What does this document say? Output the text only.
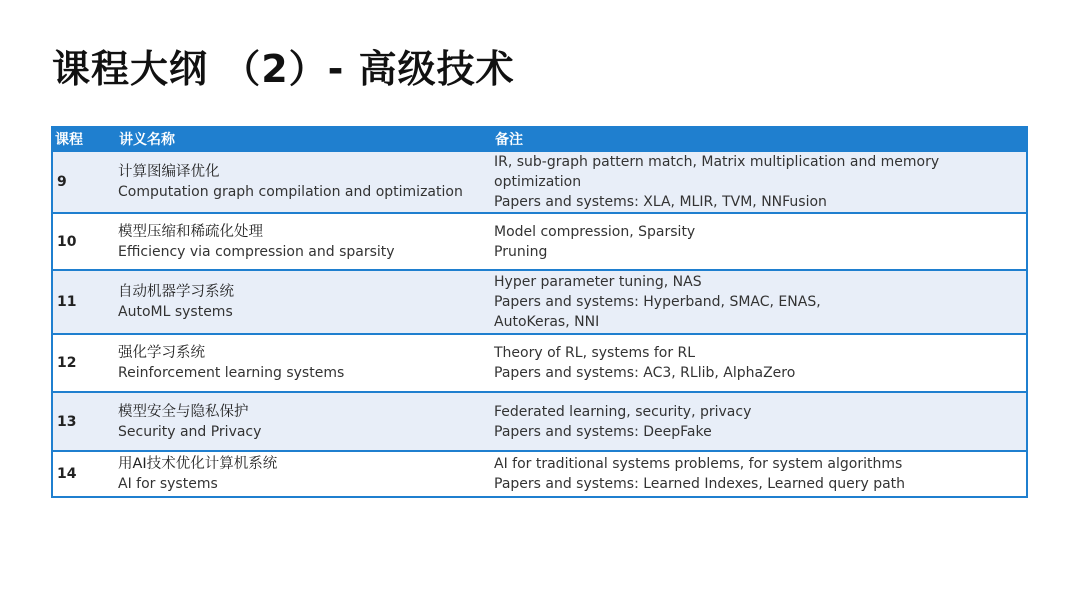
课程大纲 （2）- 高级技术
课程	讲义名称	备注
9	计算图编译优化
Computation graph compilation and optimization	IR, sub-graph pattern match, Matrix multiplication and memory
optimization
Papers and systems: XLA, MLIR, TVM, NNFusion

10	模型压缩和稀疏化处理
Efficiency via compression and sparsity	Model compression, Sparsity
Pruning

11	自动机器学习系统
AutoML systems	Hyper parameter tuning, NAS
Papers and systems: Hyperband, SMAC, ENAS,
AutoKeras, NNI

12	强化学习系统
Reinforcement learning systems	Theory of RL, systems for RL
Papers and systems: AC3, RLlib, AlphaZero

13	模型安全与隐私保护
Security and Privacy	Federated learning, security, privacy
Papers and systems: DeepFake

14	用AI技术优化计算机系统
AI for systems	AI for traditional systems problems, for system algorithms
Papers and systems: Learned Indexes, Learned query path
